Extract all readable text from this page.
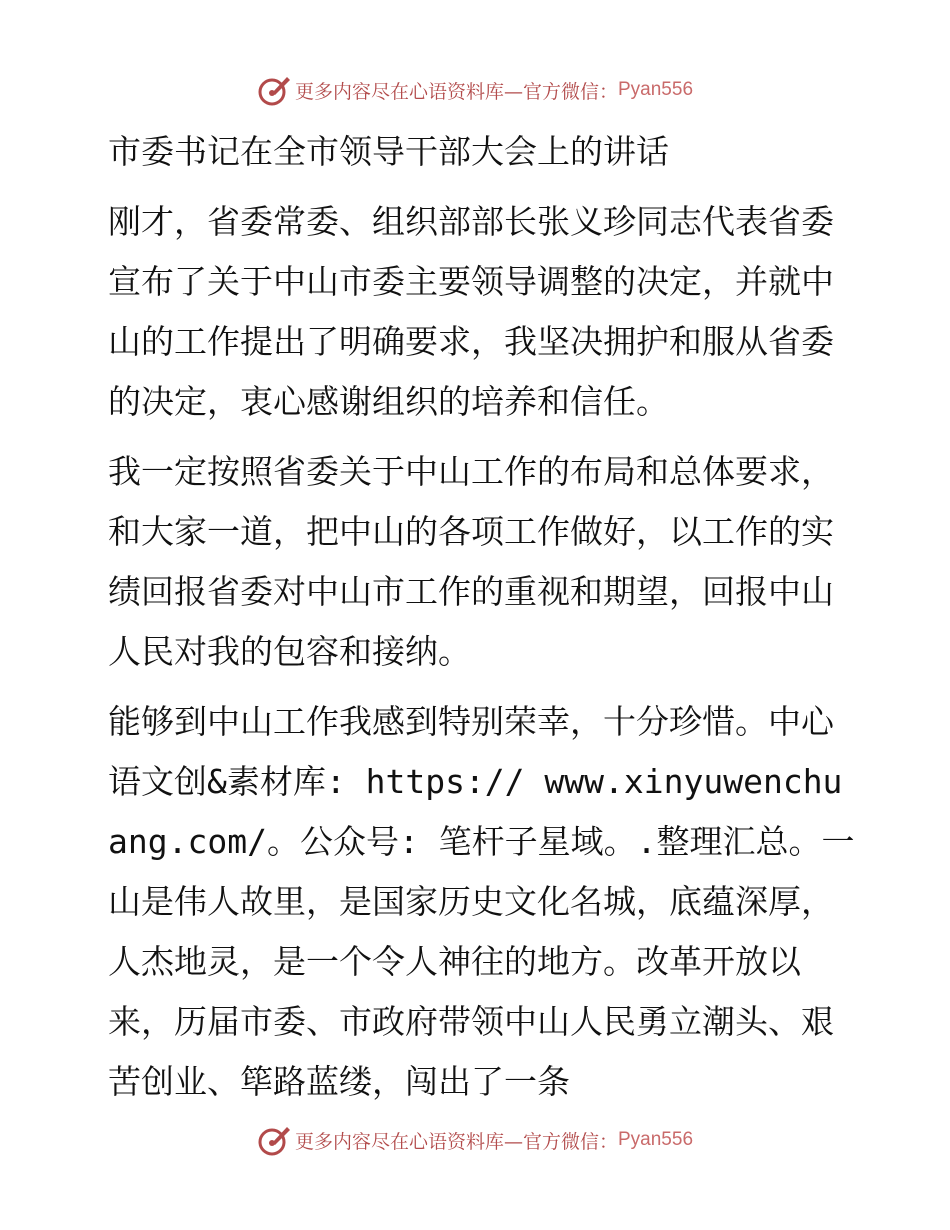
更多内容尽在心语资料库—官方微信： Pyan556

市委书记在全市领导干部大会上的讲话

刚才，省委常委、组织部部长张义珍同志代表省委宣布了关于中山市委主要领导调整的决定，并就中山的工作提出了明确要求，我坚决拥护和服从省委的决定，衷心感谢组织的培养和信任。

我一定按照省委关于中山工作的布局和总体要求，和大家一道，把中山的各项工作做好，以工作的实绩回报省委对中山市工作的重视和期望，回报中山人民对我的包容和接纳。

能够到中山工作我感到特别荣幸，十分珍惜。中心语文创&素材库: https:// www.xinyuwenchuang.com/。公众号: 笔杆子星域。.整理汇总。一山是伟人故里，是国家历史文化名城，底蕴深厚，人杰地灵，是一个令人神往的地方。改革开放以来，历届市委、市政府带领中山人民勇立潮头、艰苦创业、筚路蓝缕，闯出了一条

更多内容尽在心语资料库—官方微信： Pyan556
